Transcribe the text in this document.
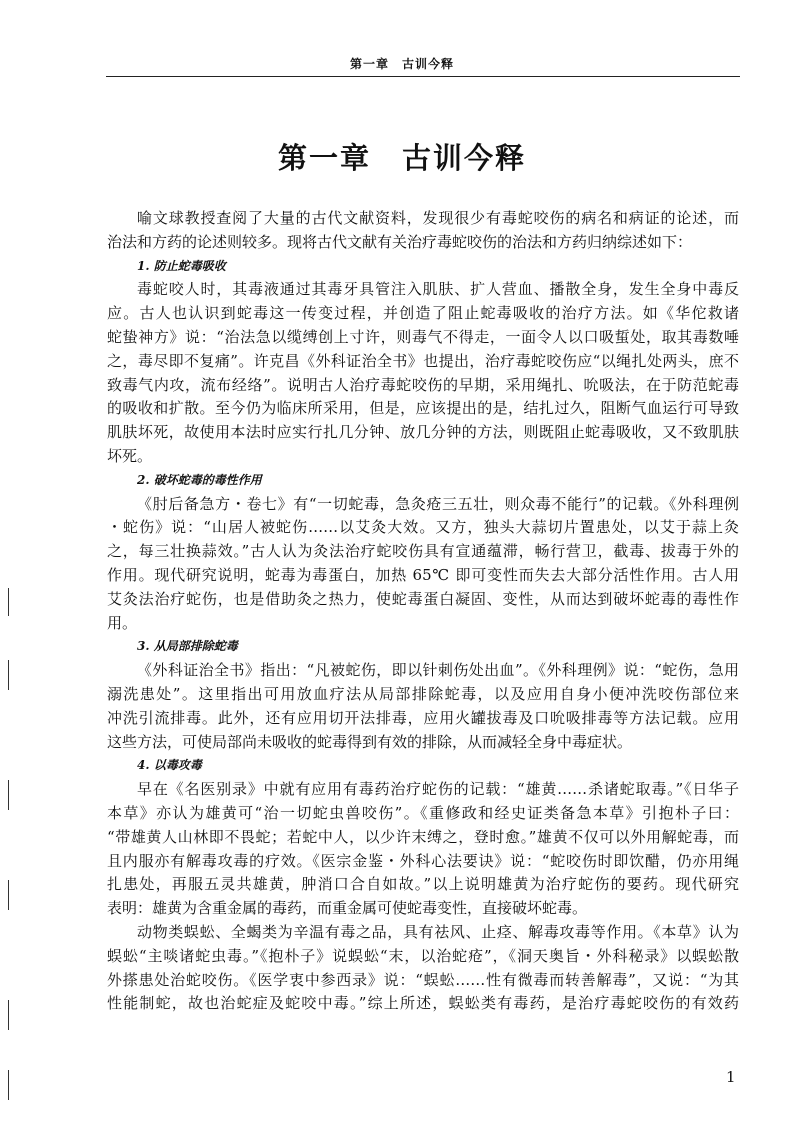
第一章　古训今释
第一章　古训今释
喻文球教授查阅了大量的古代文献资料，发现很少有毒蛇咬伤的病名和病证的论述，而
治法和方药的论述则较多。现将古代文献有关治疗毒蛇咬伤的治法和方药归纳综述如下：
1. 防止蛇毒吸收
毒蛇咬人时，其毒液通过其毒牙具管注入肌肤、扩人营血、播散全身，发生全身中毒反
应。古人也认识到蛇毒这一传变过程，并创造了阻止蛇毒吸收的治疗方法。如《华佗救诸
蛇蛰神方》说：“治法急以缆缚创上寸许，则毒气不得走，一面令人以口吸蜇处，取其毒数唾
之，毒尽即不复痛”。许克昌《外科证治全书》也提出，治疗毒蛇咬伤应“以绳扎处两头，庶不
致毒气内攻，流布经络”。说明古人治疗毒蛇咬伤的早期，采用绳扎、吮吸法，在于防范蛇毒
的吸收和扩散。至今仍为临床所采用，但是，应该提出的是，结扎过久，阻断气血运行可导致
肌肤坏死，故使用本法时应实行扎几分钟、放几分钟的方法，则既阻止蛇毒吸收，又不致肌肤
坏死。
2. 破坏蛇毒的毒性作用
《肘后备急方・卷七》有“一切蛇毒，急灸疮三五壮，则众毒不能行”的记载。《外科理例
・蛇伤》说：“山居人被蛇伤……以艾灸大效。又方，独头大蒜切片置患处，以艾于蒜上灸
之，每三壮换蒜效。”古人认为灸法治疗蛇咬伤具有宣通蕴滞，畅行营卫，截毒、拔毒于外的
作用。现代研究说明，蛇毒为毒蛋白，加热 65℃ 即可变性而失去大部分活性作用。古人用
艾灸法治疗蛇伤，也是借助灸之热力，使蛇毒蛋白凝固、变性，从而达到破坏蛇毒的毒性作
用。
3. 从局部排除蛇毒
《外科证治全书》指出：“凡被蛇伤，即以针刺伤处出血”。《外科理例》说：“蛇伤，急用
溺洗患处”。这里指出可用放血疗法从局部排除蛇毒，以及应用自身小便冲洗咬伤部位来
冲洗引流排毒。此外，还有应用切开法排毒，应用火罐拔毒及口吮吸排毒等方法记载。应用
这些方法，可使局部尚未吸收的蛇毒得到有效的排除，从而减轻全身中毒症状。
4. 以毒攻毒
早在《名医别录》中就有应用有毒药治疗蛇伤的记载：“雄黄……杀诸蛇取毒。”《日华子
本草》亦认为雄黄可“治一切蛇虫兽咬伤”。《重修政和经史证类备急本草》引抱朴子曰：
“带雄黄人山林即不畏蛇；若蛇中人，以少许末缚之，登时愈。”雄黄不仅可以外用解蛇毒，而
且内服亦有解毒攻毒的疗效。《医宗金鉴・外科心法要诀》说：“蛇咬伤时即饮醋，仍亦用绳
扎患处，再服五灵共雄黄，肿消口合自如故。”以上说明雄黄为治疗蛇伤的要药。现代研究
表明：雄黄为含重金属的毒药，而重金属可使蛇毒变性，直接破坏蛇毒。
动物类蜈蚣、全蝎类为辛温有毒之品，具有祛风、止痉、解毒攻毒等作用。《本草》认为
蜈蚣“主啖诸蛇虫毒。”《抱朴子》说蜈蚣“末，以治蛇疮”，《洞天奥旨・外科秘录》以蜈蚣散
外搽患处治蛇咬伤。《医学衷中参西录》说：“蜈蚣……性有微毒而转善解毒”，又说：“为其
性能制蛇，故也治蛇症及蛇咬中毒。”综上所述，蜈蚣类有毒药，是治疗毒蛇咬伤的有效药
1
